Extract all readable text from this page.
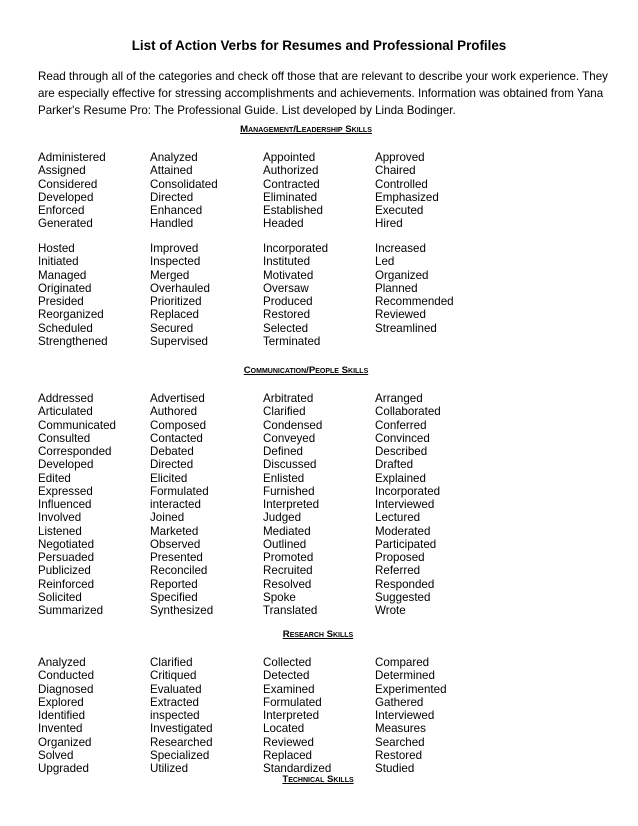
List of Action Verbs for Resumes and Professional Profiles

Read through all of the categories and check off those that are relevant to describe your work experience. They

are especially effective for stressing accomplishments and achievements. Information was obtained from Yana

Parker's Resume Pro: The Professional Guide. List developed by Linda Bodinger.

Management/Leadership Skills
Administered	Analyzed	Appointed	Approved
Assigned	Attained	Authorized	Chaired
Considered	Consolidated	Contracted	Controlled
Developed	Directed	Eliminated	Emphasized
Enforced	Enhanced	Established	Executed
Generated	Handled	Headed	Hired
Hosted	Improved	Incorporated	Increased
Initiated	Inspected	Instituted	Led
Managed	Merged	Motivated	Organized
Originated	Overhauled	Oversaw	Planned
Presided	Prioritized	Produced	Recommended
Reorganized	Replaced	Restored	Reviewed
Scheduled	Secured	Selected	Streamlined
Strengthened	Supervised	Terminated
Communication/People Skills
Addressed	Advertised	Arbitrated	Arranged
Articulated	Authored	Clarified	Collaborated
Communicated	Composed	Condensed	Conferred
Consulted	Contacted	Conveyed	Convinced
Corresponded	Debated	Defined	Described
Developed	Directed	Discussed	Drafted
Edited	Elicited	Enlisted	Explained
Expressed	Formulated	Furnished	Incorporated
Influenced	interacted	Interpreted	Interviewed
Involved	Joined	Judged	Lectured
Listened	Marketed	Mediated	Moderated
Negotiated	Observed	Outlined	Participated
Persuaded	Presented	Promoted	Proposed
Publicized	Reconciled	Recruited	Referred
Reinforced	Reported	Resolved	Responded
Solicited	Specified	Spoke	Suggested
Summarized	Synthesized	Translated	Wrote
Research Skills
Analyzed	Clarified	Collected	Compared
Conducted	Critiqued	Detected	Determined
Diagnosed	Evaluated	Examined	Experimented
Explored	Extracted	Formulated	Gathered
Identified	inspected	Interpreted	Interviewed
Invented	Investigated	Located	Measures
Organized	Researched	Reviewed	Searched
Solved	Specialized	Replaced	Restored
Upgraded	Utilized	Standardized	Studied
Technical Skills
